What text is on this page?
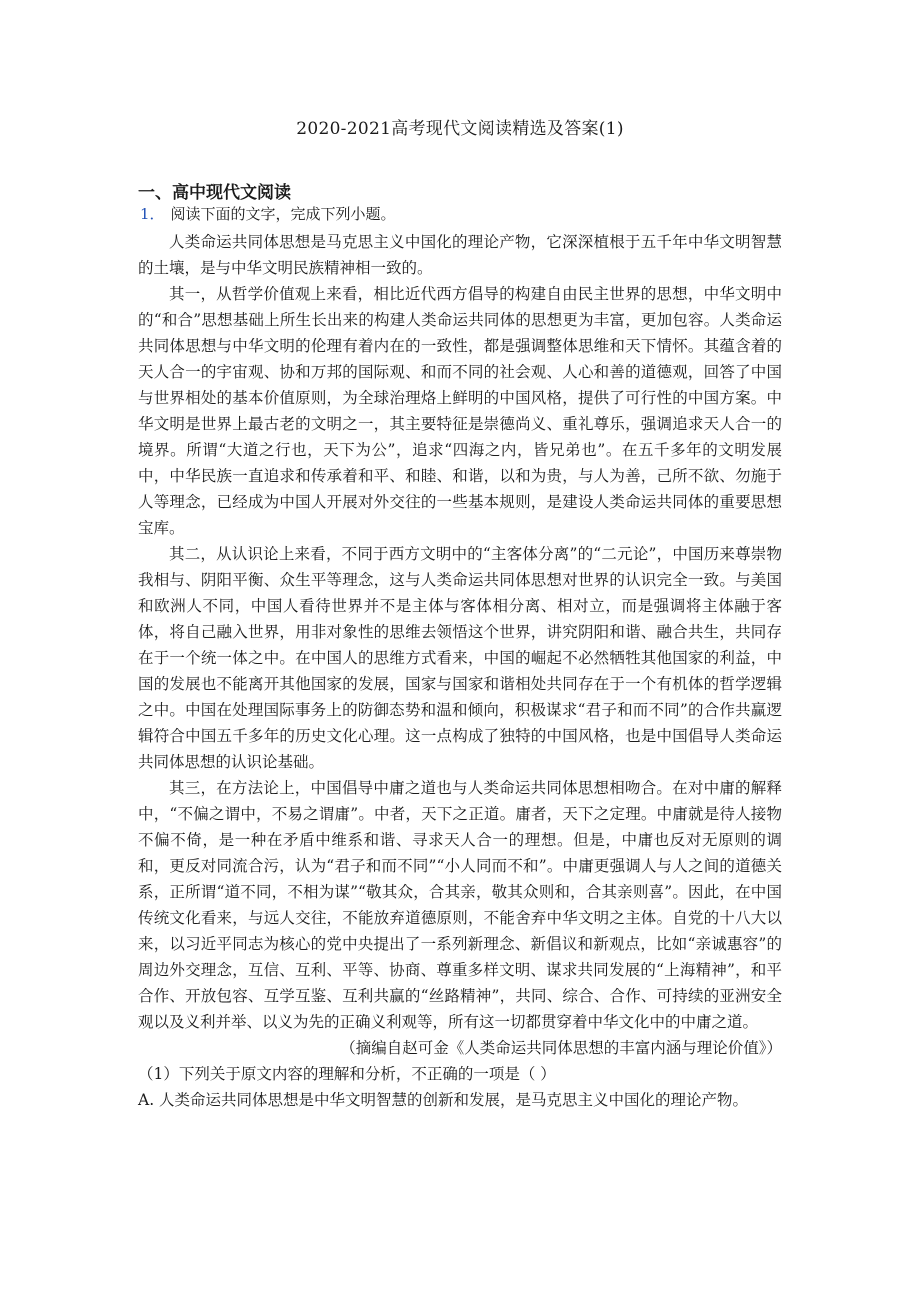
2020-2021高考现代文阅读精选及答案(1)
一、高中现代文阅读
1． 阅读下面的文字，完成下列小题。

人类命运共同体思想是马克思主义中国化的理论产物，它深深植根于五千年中华文明智慧的土壤，是与中华文明民族精神相一致的。

其一，从哲学价值观上来看，相比近代西方倡导的构建自由民主世界的思想，中华文明中的“和合”思想基础上所生长出来的构建人类命运共同体的思想更为丰富，更加包容。人类命运共同体思想与中华文明的伦理有着内在的一致性，都是强调整体思维和天下情怀。其蕴含着的天人合一的宇宙观、协和万邦的国际观、和而不同的社会观、人心和善的道德观，回答了中国与世界相处的基本价值原则，为全球治理烙上鲜明的中国风格，提供了可行性的中国方案。中华文明是世界上最古老的文明之一，其主要特征是崇德尚义、重礼尊乐，强调追求天人合一的境界。所谓“大道之行也，天下为公”，追求“四海之内，皆兄弟也”。在五千多年的文明发展中，中华民族一直追求和传承着和平、和睦、和谐，以和为贵，与人为善，己所不欲、勿施于人等理念，已经成为中国人开展对外交往的一些基本规则，是建设人类命运共同体的重要思想宝库。

其二，从认识论上来看，不同于西方文明中的“主客体分离”的“二元论”，中国历来尊崇物我相与、阴阳平衡、众生平等理念，这与人类命运共同体思想对世界的认识完全一致。与美国和欧洲人不同，中国人看待世界并不是主体与客体相分离、相对立，而是强调将主体融于客体，将自己融入世界，用非对象性的思维去领悟这个世界，讲究阴阳和谐、融合共生，共同存在于一个统一体之中。在中国人的思维方式看来，中国的崛起不必然牺牲其他国家的利益，中国的发展也不能离开其他国家的发展，国家与国家和谐相处共同存在于一个有机体的哲学逻辑之中。中国在处理国际事务上的防御态势和温和倾向，积极谋求“君子和而不同”的合作共赢逻辑符合中国五千多年的历史文化心理。这一点构成了独特的中国风格，也是中国倡导人类命运共同体思想的认识论基础。

其三，在方法论上，中国倡导中庸之道也与人类命运共同体思想相吻合。在对中庸的解释中，“不偏之谓中，不易之谓庸”。中者，天下之正道。庸者，天下之定理。中庸就是待人接物不偏不倚，是一种在矛盾中维系和谐、寻求天人合一的理想。但是，中庸也反对无原则的调和，更反对同流合污，认为“君子和而不同”“小人同而不和”。中庸更强调人与人之间的道德关系，正所谓“道不同，不相为谋”“敬其众，合其亲，敬其众则和，合其亲则喜”。因此，在中国传统文化看来，与远人交往，不能放弃道德原则，不能舍弃中华文明之主体。自党的十八大以来，以习近平同志为核心的党中央提出了一系列新理念、新倡议和新观点，比如“亲诚惠容”的周边外交理念，互信、互利、平等、协商、尊重多样文明、谋求共同发展的“上海精神”，和平合作、开放包容、互学互鉴、互利共赢的“丝路精神”，共同、综合、合作、可持续的亚洲安全观以及义利并举、以义为先的正确义利观等，所有这一切都贯穿着中华文化中的中庸之道。

（摘编自赵可金《人类命运共同体思想的丰富内涵与理论价值》）

（1）下列关于原文内容的理解和分析，不正确的一项是（ ）

A. 人类命运共同体思想是中华文明智慧的创新和发展，是马克思主义中国化的理论产物。
